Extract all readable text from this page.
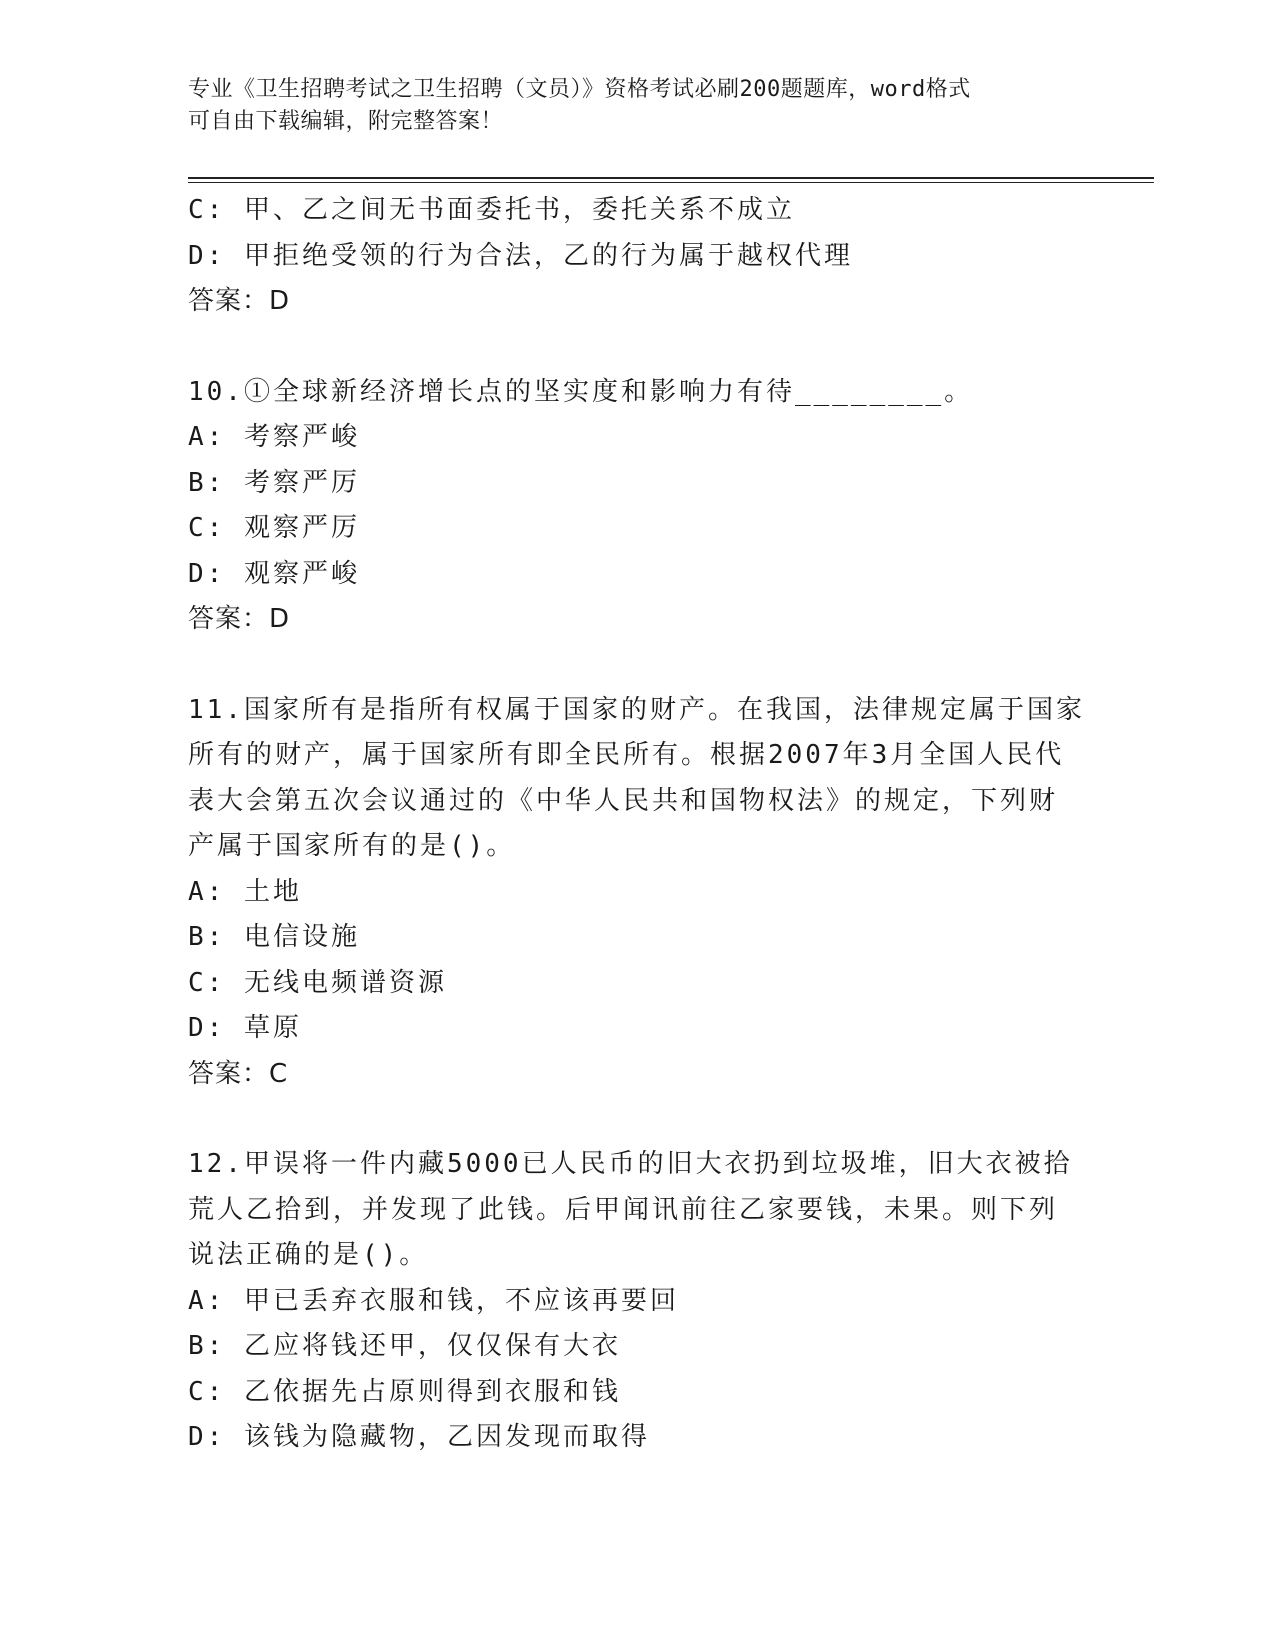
专业《卫生招聘考试之卫生招聘（文员）》资格考试必刷200题题库，word格式
可自由下载编辑，附完整答案！
C: 甲、乙之间无书面委托书，委托关系不成立
D: 甲拒绝受领的行为合法，乙的行为属于越权代理
答案：D
10.①全球新经济增长点的坚实度和影响力有待________。
A: 考察严峻
B: 考察严厉
C: 观察严厉
D: 观察严峻
答案：D
11.国家所有是指所有权属于国家的财产。在我国，法律规定属于国家
所有的财产，属于国家所有即全民所有。根据2007年3月全国人民代
表大会第五次会议通过的《中华人民共和国物权法》的规定，下列财
产属于国家所有的是()。
A: 土地
B: 电信设施
C: 无线电频谱资源
D: 草原
答案：C
12.甲误将一件内藏5000已人民币的旧大衣扔到垃圾堆，旧大衣被拾
荒人乙拾到，并发现了此钱。后甲闻讯前往乙家要钱，未果。则下列
说法正确的是()。
A: 甲已丢弃衣服和钱，不应该再要回
B: 乙应将钱还甲，仅仅保有大衣
C: 乙依据先占原则得到衣服和钱
D: 该钱为隐藏物，乙因发现而取得
